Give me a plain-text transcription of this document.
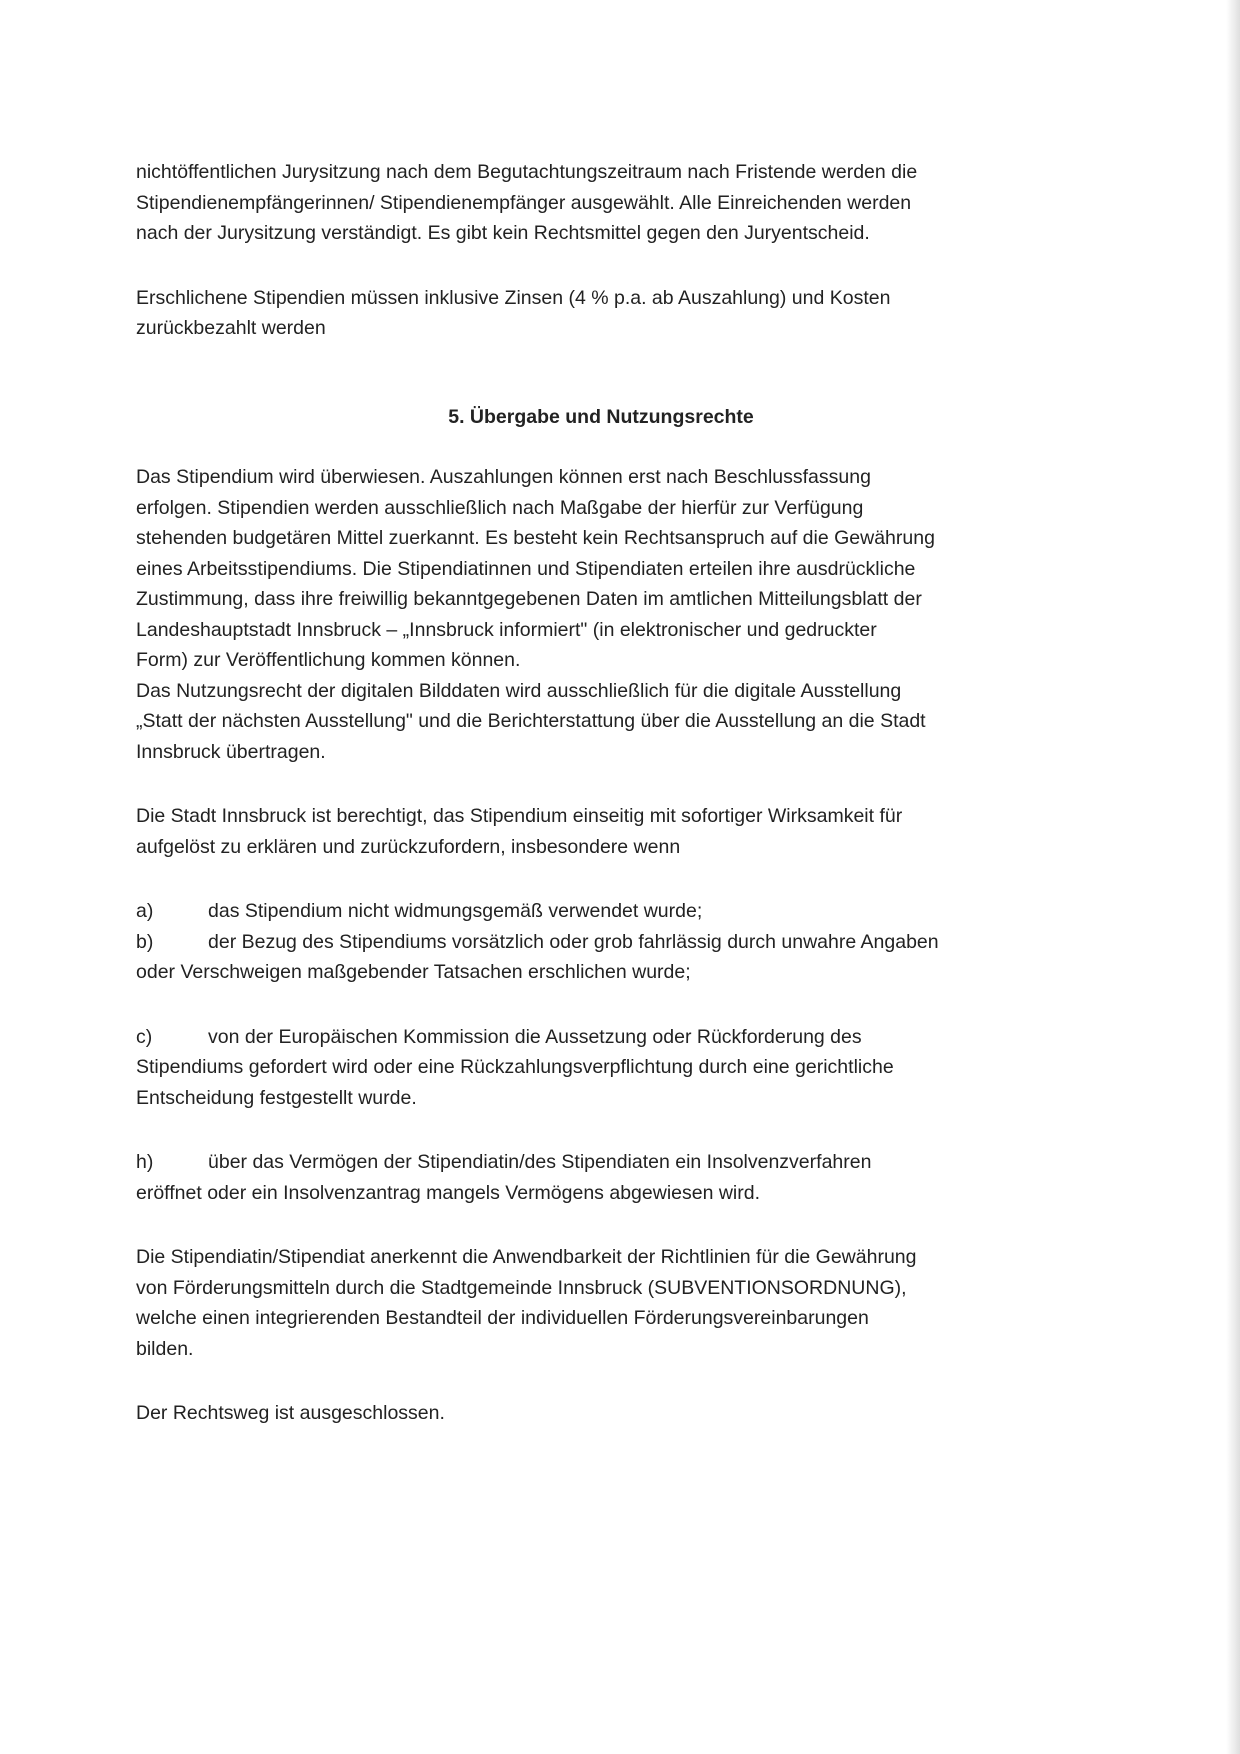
nichtöffentlichen Jurysitzung nach dem Begutachtungszeitraum nach Fristende werden die
Stipendienempfängerinnen/ Stipendienempfänger ausgewählt. Alle Einreichenden werden
nach der Jurysitzung verständigt. Es gibt kein Rechtsmittel gegen den Juryentscheid.

Erschlichene Stipendien müssen inklusive Zinsen (4 % p.a. ab Auszahlung) und Kosten
zurückbezahlt werden

5. Übergabe und Nutzungsrechte

Das Stipendium wird überwiesen. Auszahlungen können erst nach Beschlussfassung
erfolgen. Stipendien werden ausschließlich nach Maßgabe der hierfür zur Verfügung
stehenden budgetären Mittel zuerkannt. Es besteht kein Rechtsanspruch auf die Gewährung
eines Arbeitsstipendiums. Die Stipendiatinnen und Stipendiaten erteilen ihre ausdrückliche
Zustimmung, dass ihre freiwillig bekanntgegebenen Daten im amtlichen Mitteilungsblatt der
Landeshauptstadt Innsbruck – „Innsbruck informiert" (in elektronischer und gedruckter
Form) zur Veröffentlichung kommen können.
Das Nutzungsrecht der digitalen Bilddaten wird ausschließlich für die digitale Ausstellung
„Statt der nächsten Ausstellung" und die Berichterstattung über die Ausstellung an die Stadt
Innsbruck übertragen.

Die Stadt Innsbruck ist berechtigt, das Stipendium einseitig mit sofortiger Wirksamkeit für
aufgelöst zu erklären und zurückzufordern, insbesondere wenn

a)	das Stipendium nicht widmungsgemäß verwendet wurde;
b)	der Bezug des Stipendiums vorsätzlich oder grob fahrlässig durch unwahre Angaben
oder Verschweigen maßgebender Tatsachen erschlichen wurde;
c)	von der Europäischen Kommission die Aussetzung oder Rückforderung des
Stipendiums gefordert wird oder eine Rückzahlungsverpflichtung durch eine gerichtliche
Entscheidung festgestellt wurde.
h)	über das Vermögen der Stipendiatin/des Stipendiaten ein Insolvenzverfahren
eröffnet oder ein Insolvenzantrag mangels Vermögens abgewiesen wird.

Die Stipendiatin/Stipendiat anerkennt die Anwendbarkeit der Richtlinien für die Gewährung
von Förderungsmitteln durch die Stadtgemeinde Innsbruck (SUBVENTIONSORDNUNG),
welche einen integrierenden Bestandteil der individuellen Förderungsvereinbarungen
bilden.

Der Rechtsweg ist ausgeschlossen.
